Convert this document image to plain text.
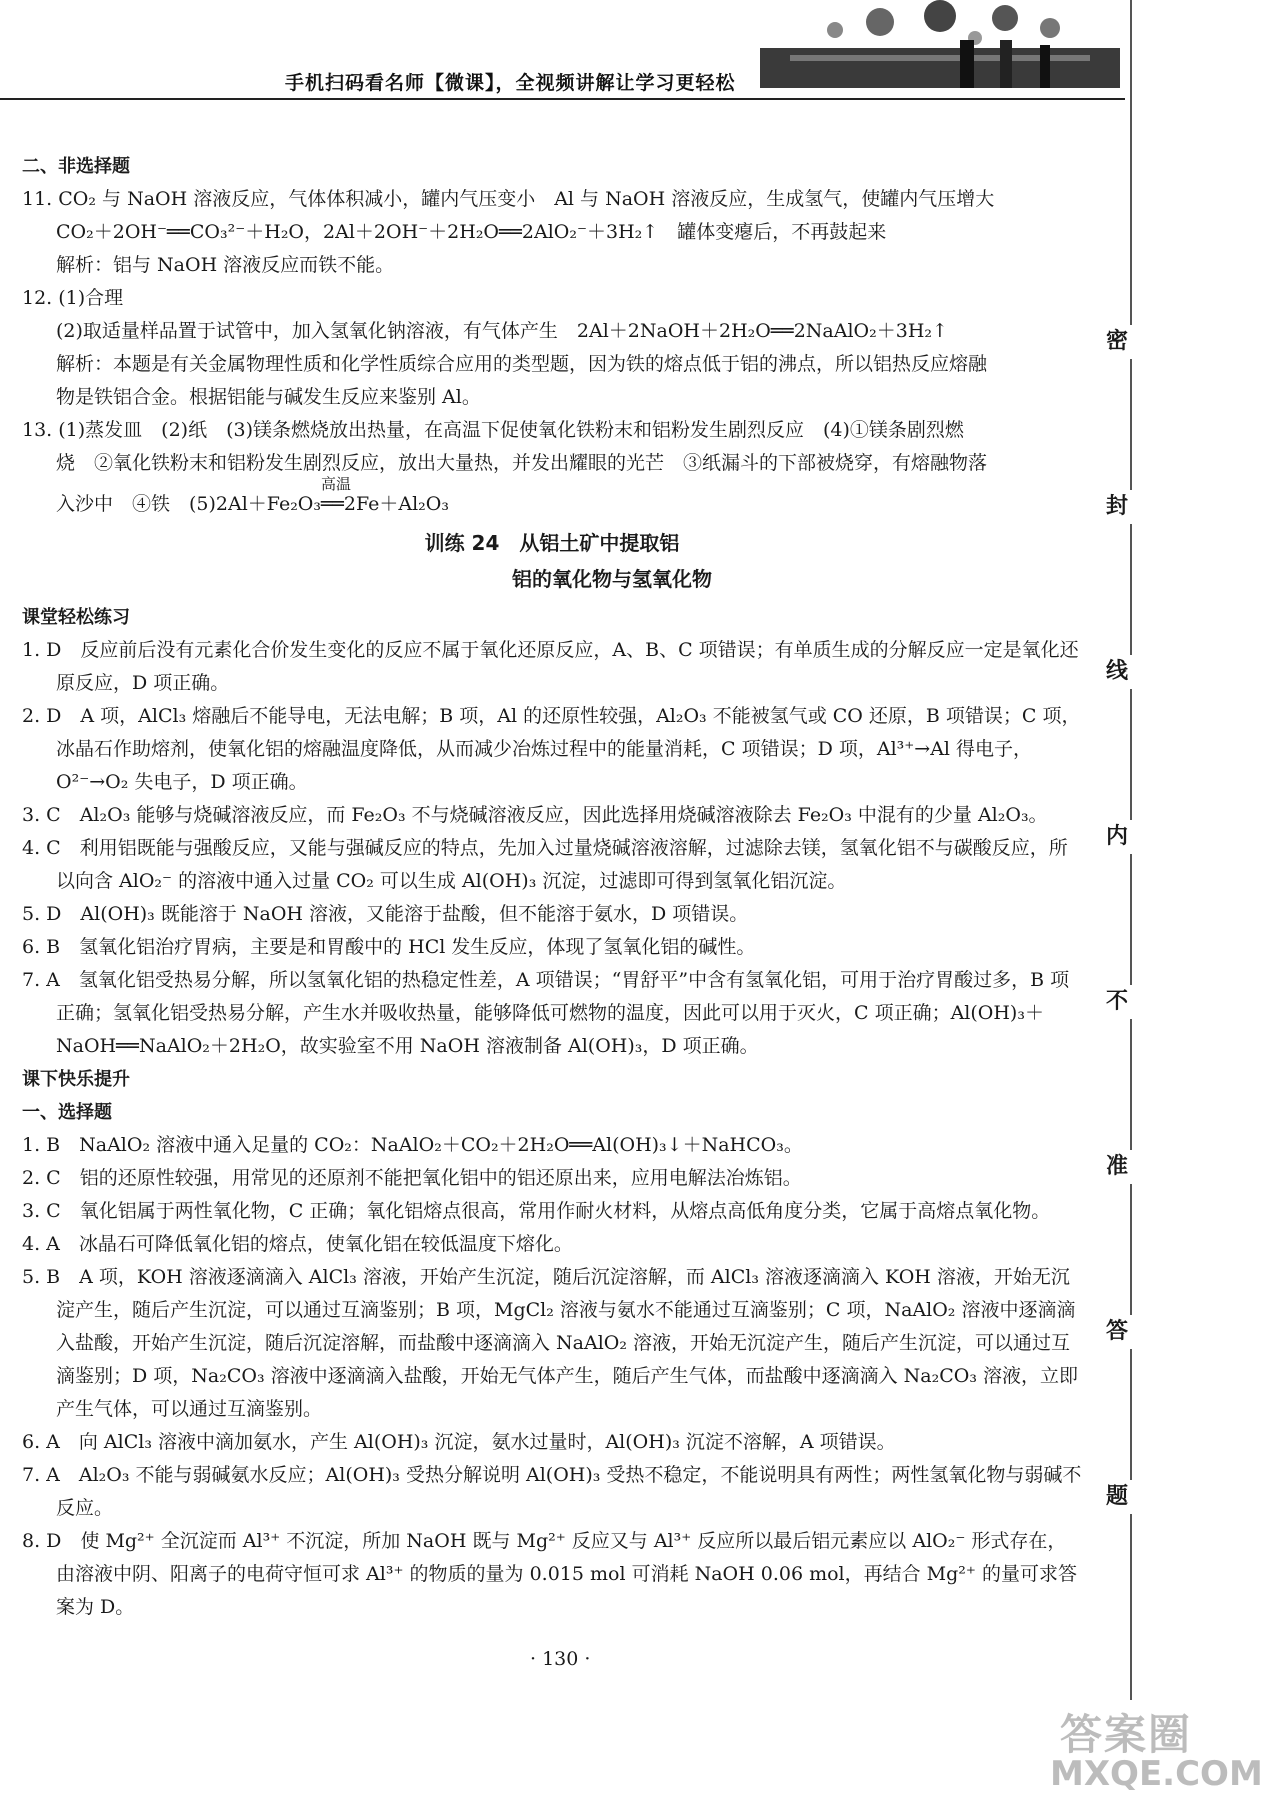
手机扫码看名师【微课】，全视频讲解让学习更轻松
密
封
线
内
不
准
答
题
二、非选择题
11. CO₂ 与 NaOH 溶液反应，气体体积减小，罐内气压变小　Al 与 NaOH 溶液反应，生成氢气，使罐内气压增大
CO₂＋2OH⁻══CO₃²⁻＋H₂O，2Al＋2OH⁻＋2H₂O══2AlO₂⁻＋3H₂↑　罐体变瘪后，不再鼓起来
解析：铝与 NaOH 溶液反应而铁不能。
12. (1)合理
(2)取适量样品置于试管中，加入氢氧化钠溶液，有气体产生　2Al＋2NaOH＋2H₂O══2NaAlO₂＋3H₂↑
解析：本题是有关金属物理性质和化学性质综合应用的类型题，因为铁的熔点低于铝的沸点，所以铝热反应熔融
物是铁铝合金。根据铝能与碱发生反应来鉴别 Al。
13. (1)蒸发皿　(2)纸　(3)镁条燃烧放出热量，在高温下促使氧化铁粉末和铝粉发生剧烈反应　(4)①镁条剧烈燃
烧　②氧化铁粉末和铝粉发生剧烈反应，放出大量热，并发出耀眼的光芒　③纸漏斗的下部被烧穿，有熔融物落
入沙中　④铁　(5)2Al＋Fe₂O₃
高温
══2Fe＋Al₂O₃
训练 24　从铝土矿中提取铝
铝的氧化物与氢氧化物
课堂轻松练习
1. D　反应前后没有元素化合价发生变化的反应不属于氧化还原反应，A、B、C 项错误；有单质生成的分解反应一定是氧化还原反应，D 项正确。
2. D　A 项，AlCl₃ 熔融后不能导电，无法电解；B 项，Al 的还原性较强，Al₂O₃ 不能被氢气或 CO 还原，B 项错误；C 项，冰晶石作助熔剂，使氧化铝的熔融温度降低，从而减少冶炼过程中的能量消耗，C 项错误；D 项，Al³⁺→Al 得电子，O²⁻→O₂ 失电子，D 项正确。
3. C　Al₂O₃ 能够与烧碱溶液反应，而 Fe₂O₃ 不与烧碱溶液反应，因此选择用烧碱溶液除去 Fe₂O₃ 中混有的少量 Al₂O₃。
4. C　利用铝既能与强酸反应，又能与强碱反应的特点，先加入过量烧碱溶液溶解，过滤除去镁，氢氧化铝不与碳酸反应，所以向含 AlO₂⁻ 的溶液中通入过量 CO₂ 可以生成 Al(OH)₃ 沉淀，过滤即可得到氢氧化铝沉淀。
5. D　Al(OH)₃ 既能溶于 NaOH 溶液，又能溶于盐酸，但不能溶于氨水，D 项错误。
6. B　氢氧化铝治疗胃病，主要是和胃酸中的 HCl 发生反应，体现了氢氧化铝的碱性。
7. A　氢氧化铝受热易分解，所以氢氧化铝的热稳定性差，A 项错误；“胃舒平”中含有氢氧化铝，可用于治疗胃酸过多，B 项正确；氢氧化铝受热易分解，产生水并吸收热量，能够降低可燃物的温度，因此可以用于灭火，C 项正确；Al(OH)₃＋NaOH══NaAlO₂＋2H₂O，故实验室不用 NaOH 溶液制备 Al(OH)₃，D 项正确。
课下快乐提升
一、选择题
1. B　NaAlO₂ 溶液中通入足量的 CO₂：NaAlO₂＋CO₂＋2H₂O══Al(OH)₃↓＋NaHCO₃。
2. C　铝的还原性较强，用常见的还原剂不能把氧化铝中的铝还原出来，应用电解法冶炼铝。
3. C　氧化铝属于两性氧化物，C 正确；氧化铝熔点很高，常用作耐火材料，从熔点高低角度分类，它属于高熔点氧化物。
4. A　冰晶石可降低氧化铝的熔点，使氧化铝在较低温度下熔化。
5. B　A 项，KOH 溶液逐滴滴入 AlCl₃ 溶液，开始产生沉淀，随后沉淀溶解，而 AlCl₃ 溶液逐滴滴入 KOH 溶液，开始无沉淀产生，随后产生沉淀，可以通过互滴鉴别；B 项，MgCl₂ 溶液与氨水不能通过互滴鉴别；C 项，NaAlO₂ 溶液中逐滴滴入盐酸，开始产生沉淀，随后沉淀溶解，而盐酸中逐滴滴入 NaAlO₂ 溶液，开始无沉淀产生，随后产生沉淀，可以通过互滴鉴别；D 项，Na₂CO₃ 溶液中逐滴滴入盐酸，开始无气体产生，随后产生气体，而盐酸中逐滴滴入 Na₂CO₃ 溶液，立即产生气体，可以通过互滴鉴别。
6. A　向 AlCl₃ 溶液中滴加氨水，产生 Al(OH)₃ 沉淀，氨水过量时，Al(OH)₃ 沉淀不溶解，A 项错误。
7. A　Al₂O₃ 不能与弱碱氨水反应；Al(OH)₃ 受热分解说明 Al(OH)₃ 受热不稳定，不能说明具有两性；两性氢氧化物与弱碱不反应。
8. D　使 Mg²⁺ 全沉淀而 Al³⁺ 不沉淀，所加 NaOH 既与 Mg²⁺ 反应又与 Al³⁺ 反应所以最后铝元素应以 AlO₂⁻ 形式存在，由溶液中阴、阳离子的电荷守恒可求 Al³⁺ 的物质的量为 0.015 mol 可消耗 NaOH 0.06 mol，再结合 Mg²⁺ 的量可求答案为 D。
· 130 ·
答案圈
MXQE.COM
